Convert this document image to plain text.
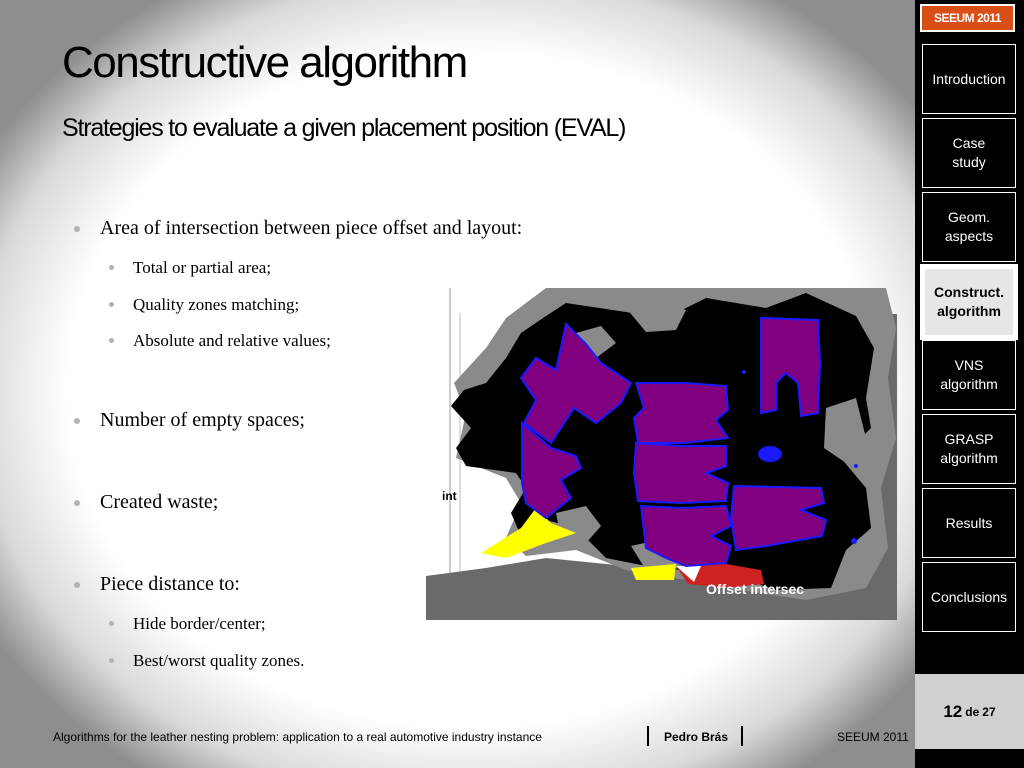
Constructive algorithm
Strategies to evaluate a given placement position (EVAL)
Area of intersection between piece offset and layout:
Total or partial area;
Quality zones matching;
Absolute and relative values;
Number of empty spaces;
Created waste;
Piece distance to:
Hide border/center;
Best/worst quality zones.
int
Offset intersec
Algorithms for the leather nesting problem: application to a real automotive industry instance	Pedro Brás	SEEUM 2011
SEEUM 2011
Introduction
Case study
Geom. aspects
Construct. algorithm
VNS algorithm
GRASP algorithm
Results
Conclusions
12 de 27
